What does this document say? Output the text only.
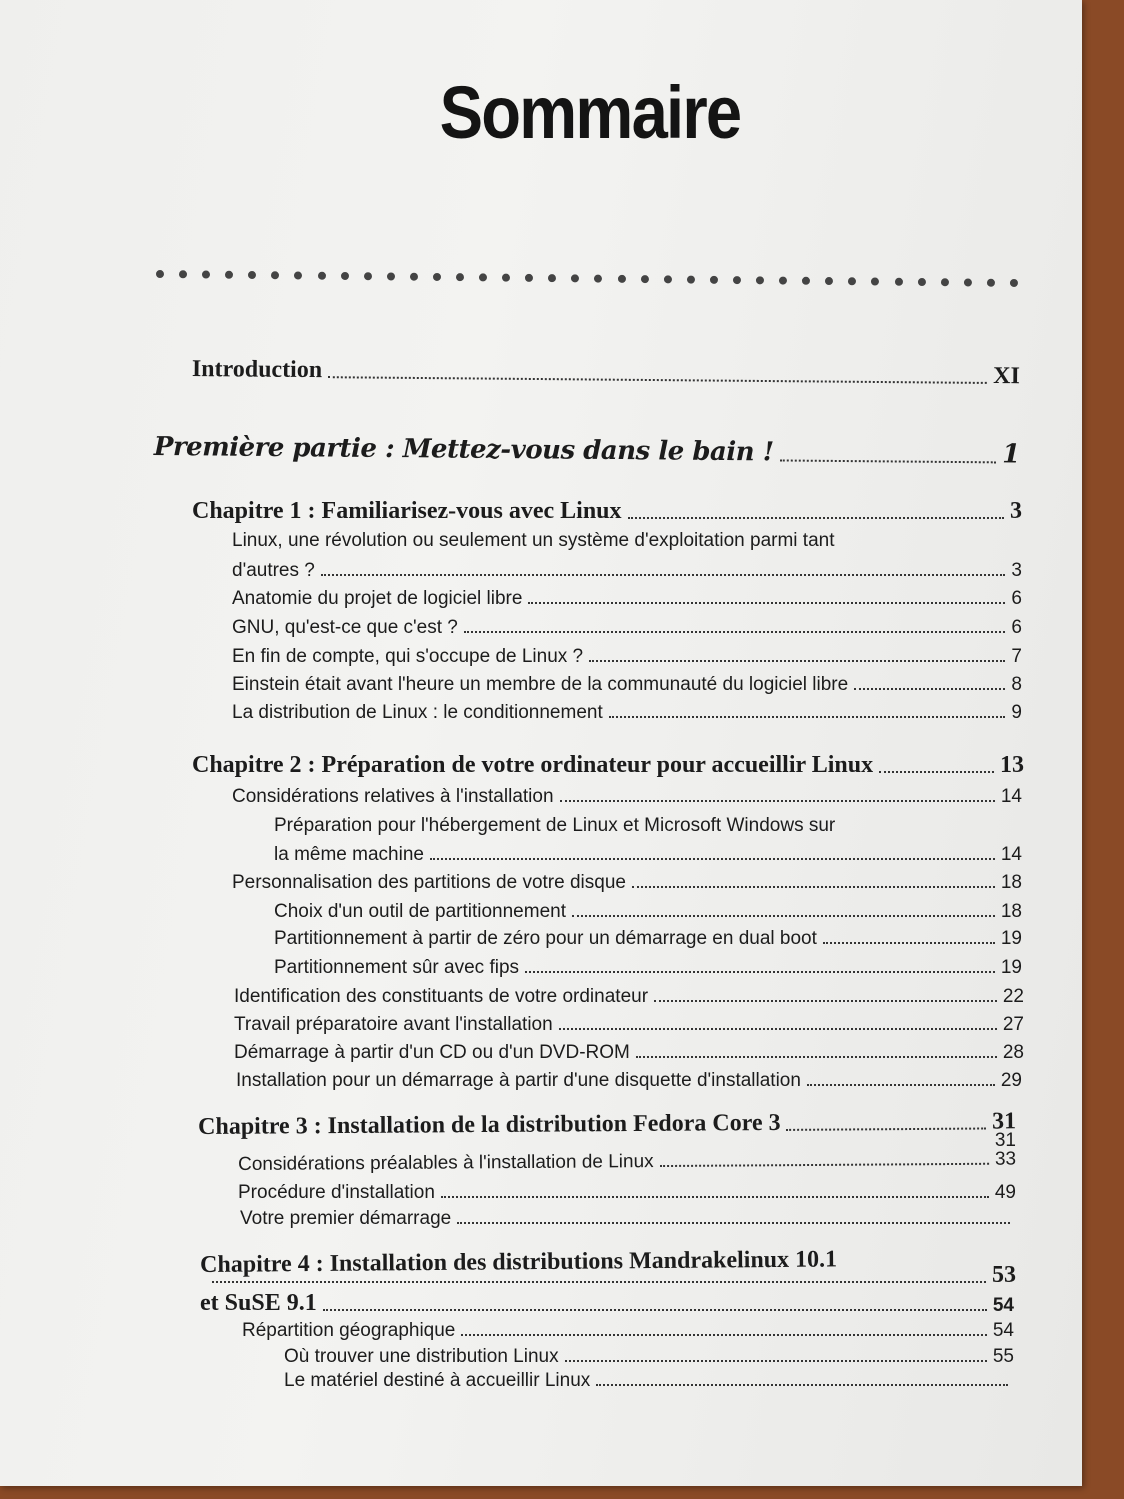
Sommaire
Introduction	XI
Première partie : Mettez-vous dans le bain !	1
Chapitre 1 : Familiarisez-vous avec Linux	3
Linux, une révolution ou seulement un système d'exploitation parmi tant
d'autres ?	3
Anatomie du projet de logiciel libre	6
GNU, qu'est-ce que c'est ?	6
En fin de compte, qui s'occupe de Linux ?	7
Einstein était avant l'heure un membre de la communauté du logiciel libre	8
La distribution de Linux : le conditionnement	9
Chapitre 2 : Préparation de votre ordinateur pour accueillir Linux	13
Considérations relatives à l'installation	14
Préparation pour l'hébergement de Linux et Microsoft Windows sur
la même machine	14
Personnalisation des partitions de votre disque	18
Choix d'un outil de partitionnement	18
Partitionnement à partir de zéro pour un démarrage en dual boot	19
Partitionnement sûr avec fips	19
Identification des constituants de votre ordinateur	22
Travail préparatoire avant l'installation	27
Démarrage à partir d'un CD ou d'un DVD-ROM	28
Installation pour un démarrage à partir d'une disquette d'installation	29
Chapitre 3 : Installation de la distribution Fedora Core 3	31
31
Considérations préalables à l'installation de Linux	33
Procédure d'installation	49
Votre premier démarrage
Chapitre 4 : Installation des distributions Mandrakelinux 10.1	53
et SuSE 9.1	54
Répartition géographique	54
Où trouver une distribution Linux	55
Le matériel destiné à accueillir Linux
